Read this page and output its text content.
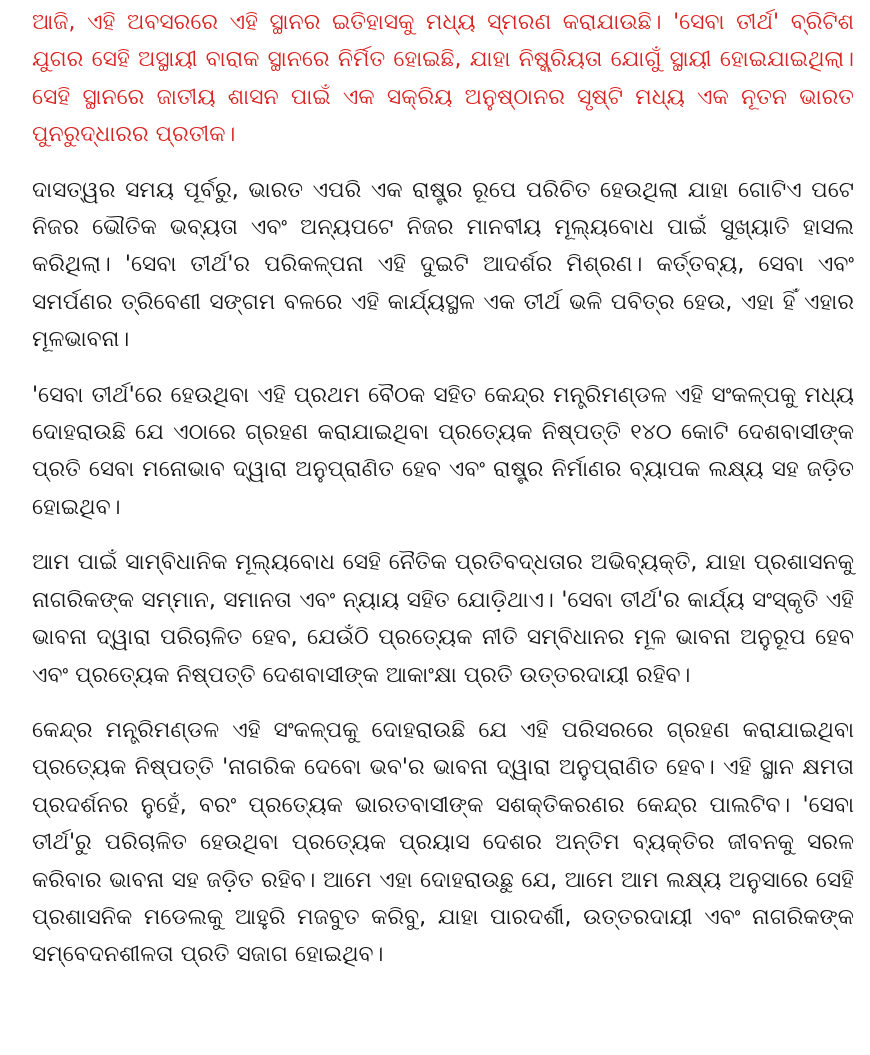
ଆଜି, ଏହି ଅବସରରେ ଏହି ସ୍ଥାନର ଇତିହାସକୁ ମଧ୍ୟ ସ୍ମରଣ କରାଯାଉଛି। 'ସେବା ତୀର୍ଥ' ବ୍ରିଟିଶ ଯୁଗର ସେହି ଅସ୍ଥାୟୀ ବାରାକ ସ୍ଥାନରେ ନିର୍ମିତ ହୋଇଛି, ଯାହା ନିଷ୍କ୍ରିୟତା ଯୋଗୁଁ ସ୍ଥାୟୀ ହୋଇଯାଇଥିଲା। ସେହି ସ୍ଥାନରେ ଜାତୀୟ ଶାସନ ପାଇଁ ଏକ ସକ୍ରିୟ ଅନୁଷ୍ଠାନର ସୃଷ୍ଟି ମଧ୍ୟ ଏକ ନୂତନ ଭାରତ ପୁନରୁଦ୍ଧାରର ପ୍ରତୀକ।

ଦାସତ୍ୱର ସମୟ ପୂର୍ବରୁ, ଭାରତ ଏପରି ଏକ ରାଷ୍ଟ୍ର ରୂପେ ପରିଚିତ ହେଉଥିଲା ଯାହା ଗୋଟିଏ ପଟେ ନିଜର ଭୌତିକ ଭବ୍ୟତା ଏବଂ ଅନ୍ୟପଟେ ନିଜର ମାନବୀୟ ମୂଲ୍ୟବୋଧ ପାଇଁ ସୁଖ୍ୟାତି ହାସଲ କରିଥିଲା। 'ସେବା ତୀର୍ଥ'ର ପରିକଳ୍ପନା ଏହି ଦୁଇଟି ଆଦର୍ଶର ମିଶ୍ରଣ। କର୍ତ୍ତବ୍ୟ, ସେବା ଏବଂ ସମର୍ପଣର ତ୍ରିବେଣୀ ସଙ୍ଗମ ବଳରେ ଏହି କାର୍ଯ୍ୟସ୍ଥଳ ଏକ ତୀର୍ଥ ଭଳି ପବିତ୍ର ହେଉ, ଏହା ହିଁ ଏହାର ମୂଳଭାବନା।

'ସେବା ତୀର୍ଥ'ରେ ହେଉଥିବା ଏହି ପ୍ରଥମ ବୈଠକ ସହିତ କେନ୍ଦ୍ର ମନ୍ତ୍ରିମଣ୍ଡଳ ଏହି ସଂକଳ୍ପକୁ ମଧ୍ୟ ଦୋହରାଉଛି ଯେ ଏଠାରେ ଗ୍ରହଣ କରାଯାଇଥିବା ପ୍ରତ୍ୟେକ ନିଷ୍ପତ୍ତି ୧୪୦ କୋଟି ଦେଶବାସୀଙ୍କ ପ୍ରତି ସେବା ମନୋଭାବ ଦ୍ୱାରା ଅନୁପ୍ରାଣିତ ହେବ ଏବଂ ରାଷ୍ଟ୍ର ନିର୍ମାଣର ବ୍ୟାପକ ଲକ୍ଷ୍ୟ ସହ ଜଡ଼ିତ ହୋଇଥିବ।

ଆମ ପାଇଁ ସାମ୍ବିଧାନିକ ମୂଲ୍ୟବୋଧ ସେହି ନୈତିକ ପ୍ରତିବଦ୍ଧତାର ଅଭିବ୍ୟକ୍ତି, ଯାହା ପ୍ରଶାସନକୁ ନାଗରିକଙ୍କ ସମ୍ମାନ, ସମାନତା ଏବଂ ନ୍ୟାୟ ସହିତ ଯୋଡ଼ିଥାଏ। 'ସେବା ତୀର୍ଥ'ର କାର୍ଯ୍ୟ ସଂସ୍କୃତି ଏହି ଭାବନା ଦ୍ୱାରା ପରିଚାଳିତ ହେବ, ଯେଉଁଠି ପ୍ରତ୍ୟେକ ନୀତି ସମ୍ବିଧାନର ମୂଳ ଭାବନା ଅନୁରୂପ ହେବ ଏବଂ ପ୍ରତ୍ୟେକ ନିଷ୍ପତ୍ତି ଦେଶବାସୀଙ୍କ ଆକାଂକ୍ଷା ପ୍ରତି ଉତ୍ତରଦାୟୀ ରହିବ।

କେନ୍ଦ୍ର ମନ୍ତ୍ରିମଣ୍ଡଳ ଏହି ସଂକଳ୍ପକୁ ଦୋହରାଉଛି ଯେ ଏହି ପରିସରରେ ଗ୍ରହଣ କରାଯାଇଥିବା ପ୍ରତ୍ୟେକ ନିଷ୍ପତ୍ତି 'ନାଗରିକ ଦେବୋ ଭବ'ର ଭାବନା ଦ୍ୱାରା ଅନୁପ୍ରାଣିତ ହେବ। ଏହି ସ୍ଥାନ କ୍ଷମତା ପ୍ରଦର୍ଶନର ନୁହେଁ, ବରଂ ପ୍ରତ୍ୟେକ ଭାରତବାସୀଙ୍କ ସଶକ୍ତିକରଣର କେନ୍ଦ୍ର ପାଲଟିବ। 'ସେବା ତୀର୍ଥ'ରୁ ପରିଚାଳିତ ହେଉଥିବା ପ୍ରତ୍ୟେକ ପ୍ରୟାସ ଦେଶର ଅନ୍ତିମ ବ୍ୟକ୍ତିର ଜୀବନକୁ ସରଳ କରିବାର ଭାବନା ସହ ଜଡ଼ିତ ରହିବ। ଆମେ ଏହା ଦୋହରାଉଛୁ ଯେ, ଆମେ ଆମ ଲକ୍ଷ୍ୟ ଅନୁସାରେ ସେହି ପ୍ରଶାସନିକ ମଡେଲକୁ ଆହୁରି ମଜବୁତ କରିବୁ, ଯାହା ପାରଦର୍ଶୀ, ଉତ୍ତରଦାୟୀ ଏବଂ ନାଗରିକଙ୍କ ସମ୍ବେଦନଶୀଳତା ପ୍ରତି ସଜାଗ ହୋଇଥିବ।
